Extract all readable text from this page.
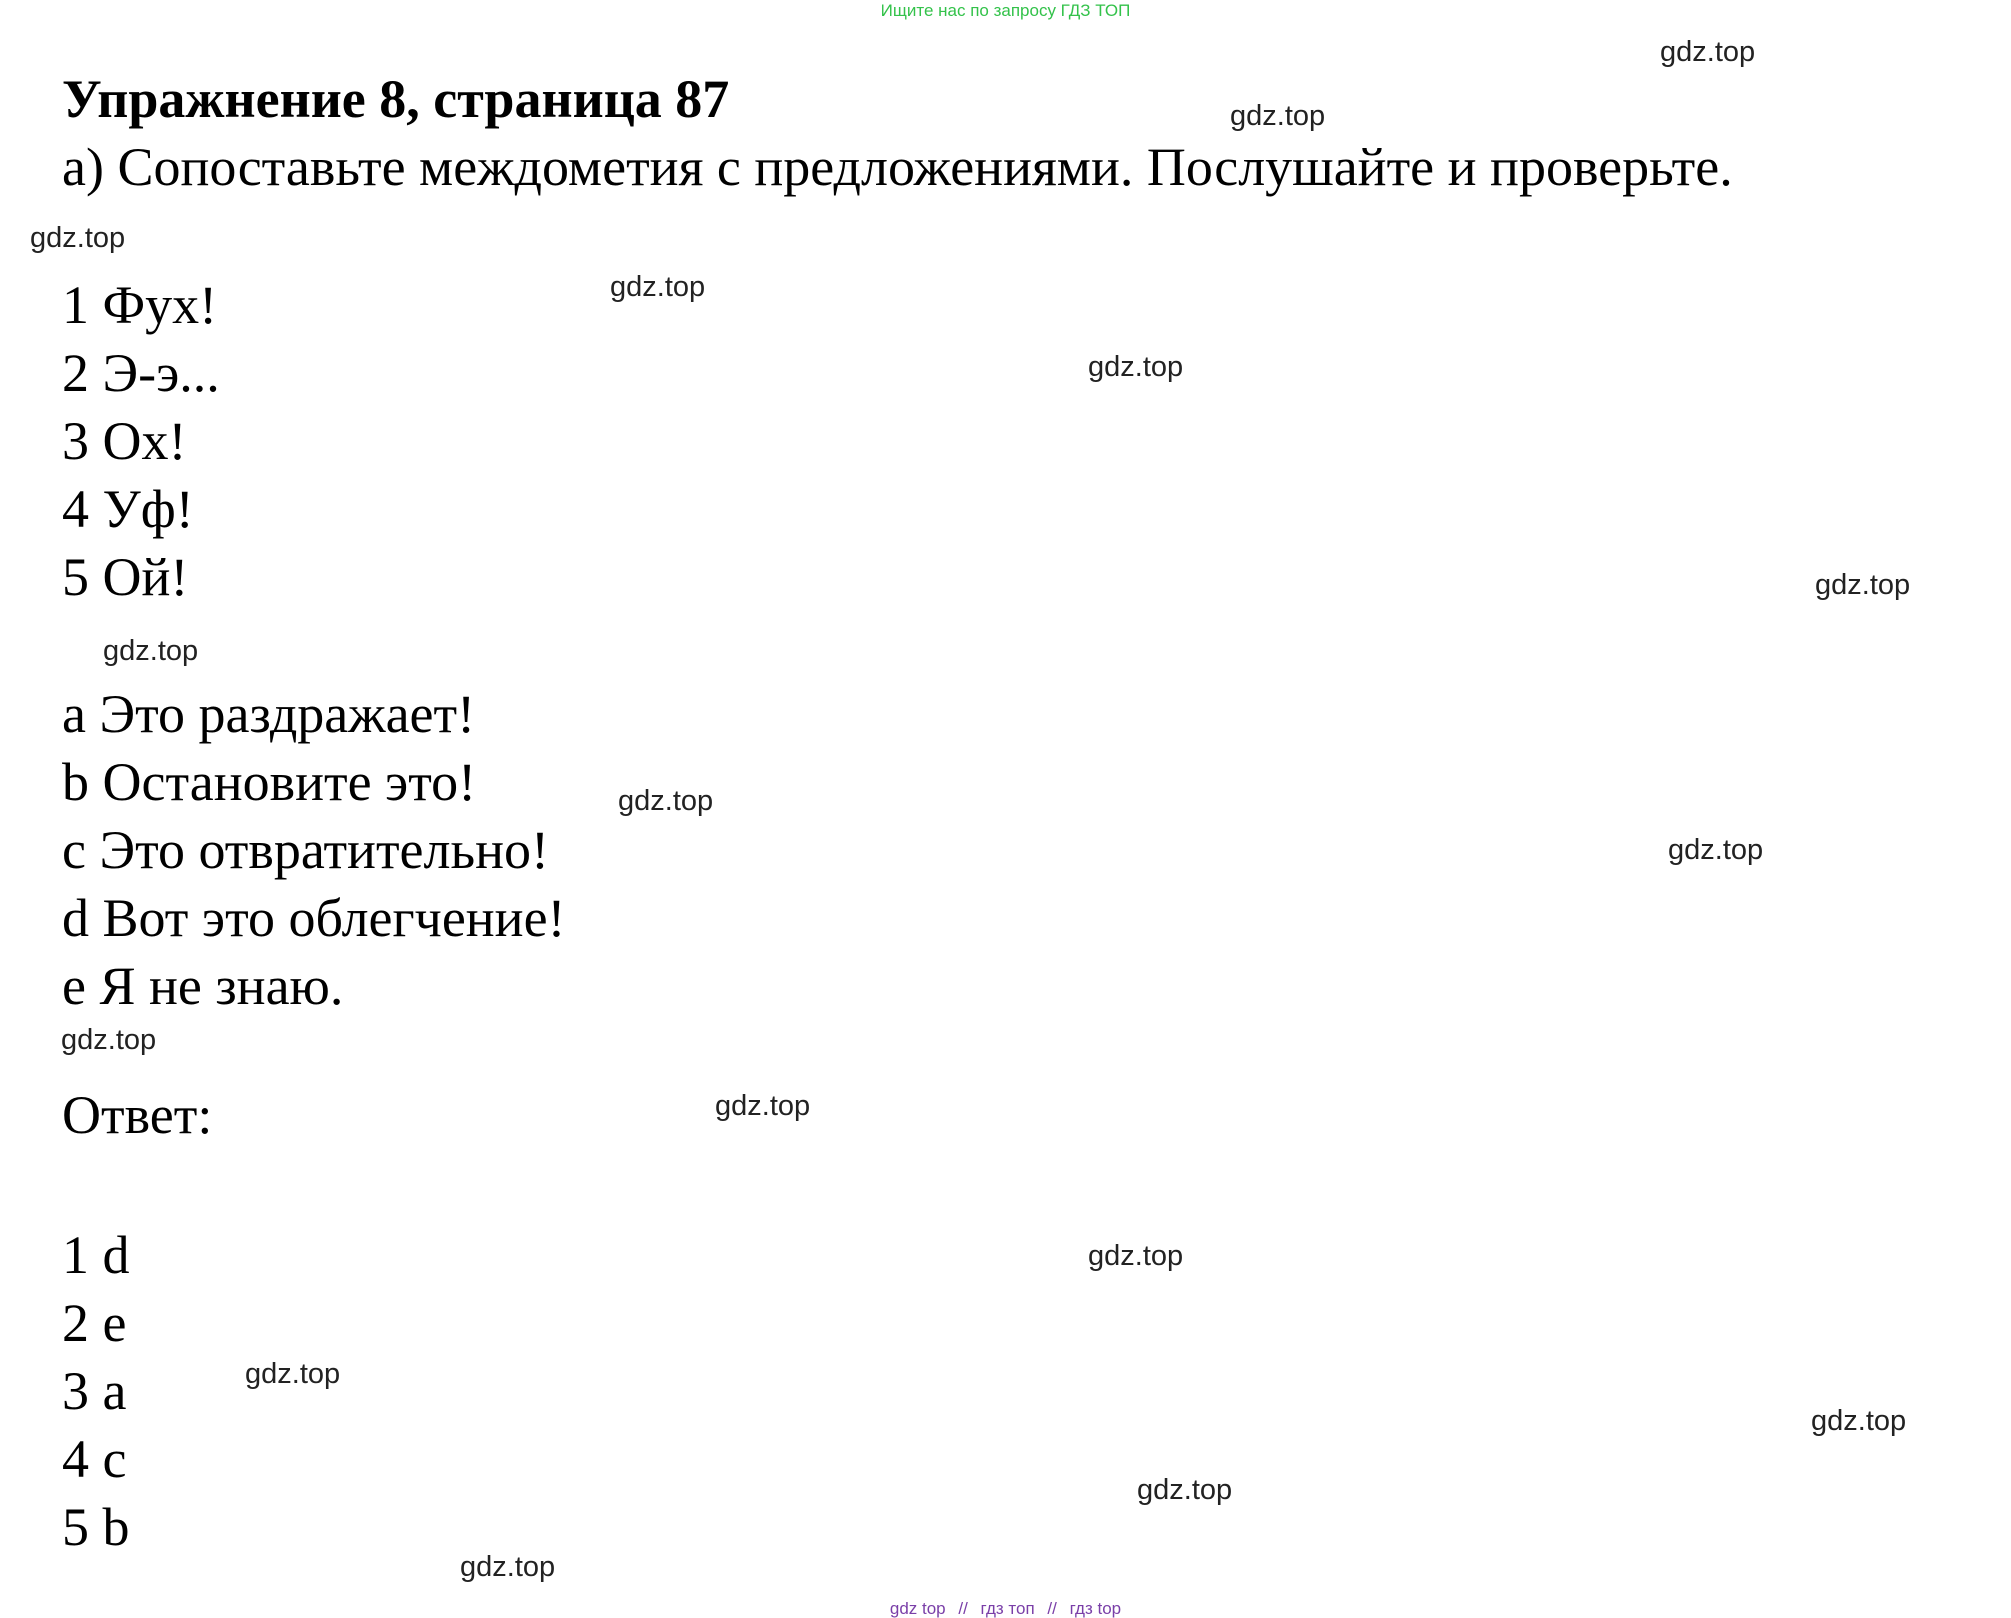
Ищите нас по запросу ГДЗ ТОП
Упражнение 8, страница 87
a) Сопоставьте междометия с предложениями. Послушайте и проверьте.
1 Фух!
2 Э-э...
3 Ох!
4 Уф!
5 Ой!
a Это раздражает!
b Остановите это!
c Это отвратительно!
d Вот это облегчение!
e Я не знаю.
Ответ:
1 d
2 e
3 a
4 c
5 b
gdz.top
gdz.top
gdz.top
gdz.top
gdz.top
gdz.top
gdz.top
gdz.top
gdz.top
gdz.top
gdz.top
gdz.top
gdz.top
gdz.top
gdz.top
gdz.top
gdz top // гдз топ // гдз top
